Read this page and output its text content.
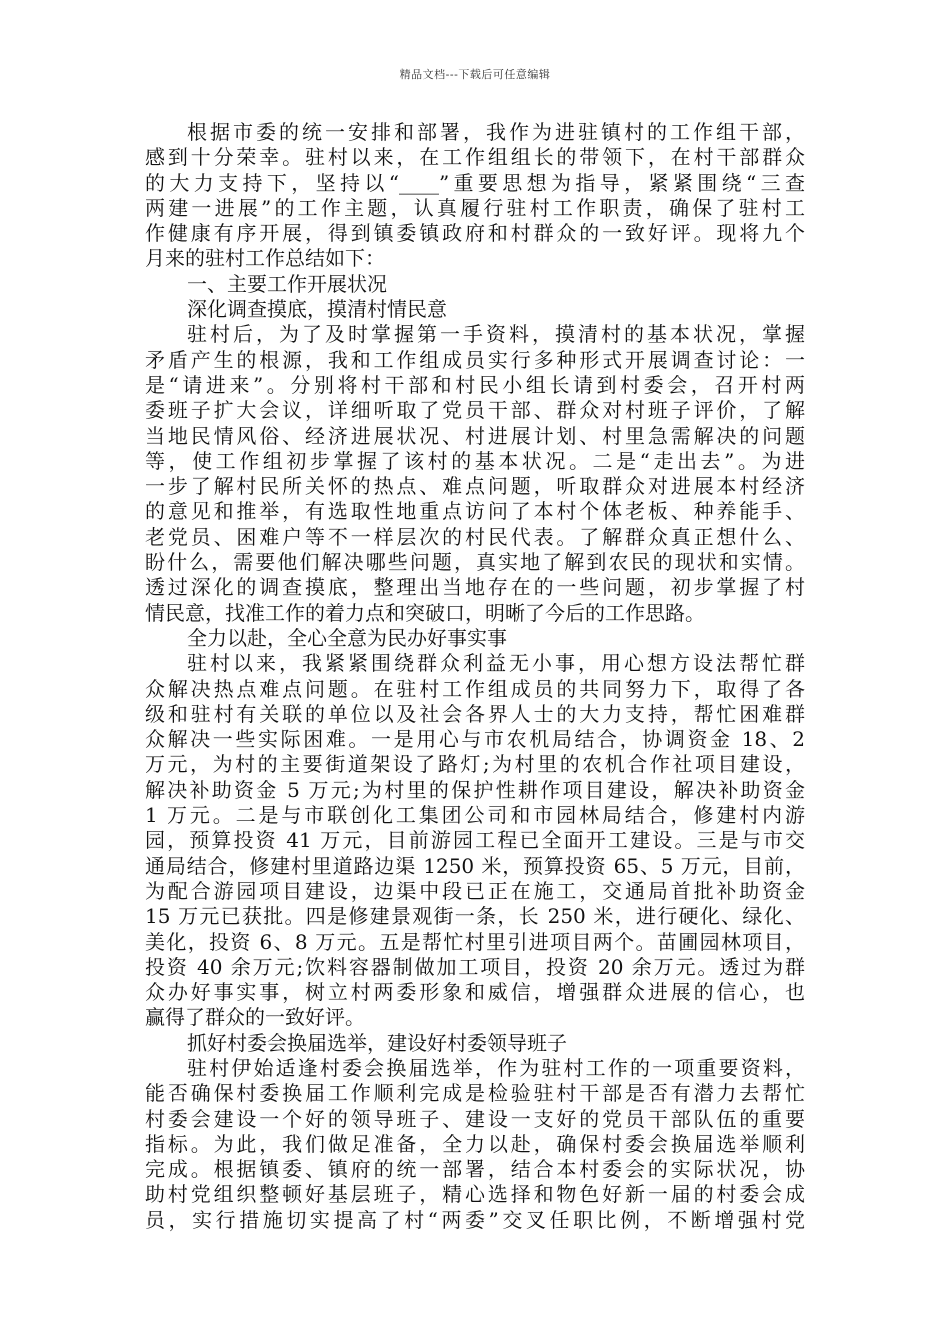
精品文档---下载后可任意编辑
根据市委的统一安排和部署，我作为进驻镇村的工作组干部，
感到十分荣幸。驻村以来，在工作组组长的带领下，在村干部群众
的大力支持下，坚持以“____”重要思想为指导，紧紧围绕“三查
两建一进展”的工作主题，认真履行驻村工作职责，确保了驻村工
作健康有序开展，得到镇委镇政府和村群众的一致好评。现将九个
月来的驻村工作总结如下：
一、主要工作开展状况
深化调查摸底，摸清村情民意
驻村后，为了及时掌握第一手资料，摸清村的基本状况，掌握
矛盾产生的根源，我和工作组成员实行多种形式开展调查讨论：一
是“请进来”。分别将村干部和村民小组长请到村委会，召开村两
委班子扩大会议，详细听取了党员干部、群众对村班子评价，了解
当地民情风俗、经济进展状况、村进展计划、村里急需解决的问题
等，使工作组初步掌握了该村的基本状况。二是“走出去”。为进
一步了解村民所关怀的热点、难点问题，听取群众对进展本村经济
的意见和推举，有选取性地重点访问了本村个体老板、种养能手、
老党员、困难户等不一样层次的村民代表。了解群众真正想什么、
盼什么，需要他们解决哪些问题，真实地了解到农民的现状和实情。
透过深化的调查摸底，整理出当地存在的一些问题，初步掌握了村
情民意，找准工作的着力点和突破口，明晰了今后的工作思路。
全力以赴，全心全意为民办好事实事
驻村以来，我紧紧围绕群众利益无小事，用心想方设法帮忙群
众解决热点难点问题。在驻村工作组成员的共同努力下，取得了各
级和驻村有关联的单位以及社会各界人士的大力支持，帮忙困难群
众解决一些实际困难。一是用心与市农机局结合，协调资金 18、2
万元，为村的主要街道架设了路灯;为村里的农机合作社项目建设，
解决补助资金 5 万元;为村里的保护性耕作项目建设，解决补助资金
1 万元。二是与市联创化工集团公司和市园林局结合，修建村内游
园，预算投资 41 万元，目前游园工程已全面开工建设。三是与市交
通局结合，修建村里道路边渠 1250 米，预算投资 65、5 万元，目前，
为配合游园项目建设，边渠中段已正在施工，交通局首批补助资金
15 万元已获批。四是修建景观街一条，长 250 米，进行硬化、绿化、
美化，投资 6、8 万元。五是帮忙村里引进项目两个。苗圃园林项目，
投资 40 余万元;饮料容器制做加工项目，投资 20 余万元。透过为群
众办好事实事，树立村两委形象和威信，增强群众进展的信心，也
赢得了群众的一致好评。
抓好村委会换届选举，建设好村委领导班子
驻村伊始适逢村委会换届选举，作为驻村工作的一项重要资料，
能否确保村委换届工作顺利完成是检验驻村干部是否有潜力去帮忙
村委会建设一个好的领导班子、建设一支好的党员干部队伍的重要
指标。为此，我们做足准备，全力以赴，确保村委会换届选举顺利
完成。根据镇委、镇府的统一部署，结合本村委会的实际状况，协
助村党组织整顿好基层班子，精心选择和物色好新一届的村委会成
员，实行措施切实提高了村“两委”交叉任职比例，不断增强村党
